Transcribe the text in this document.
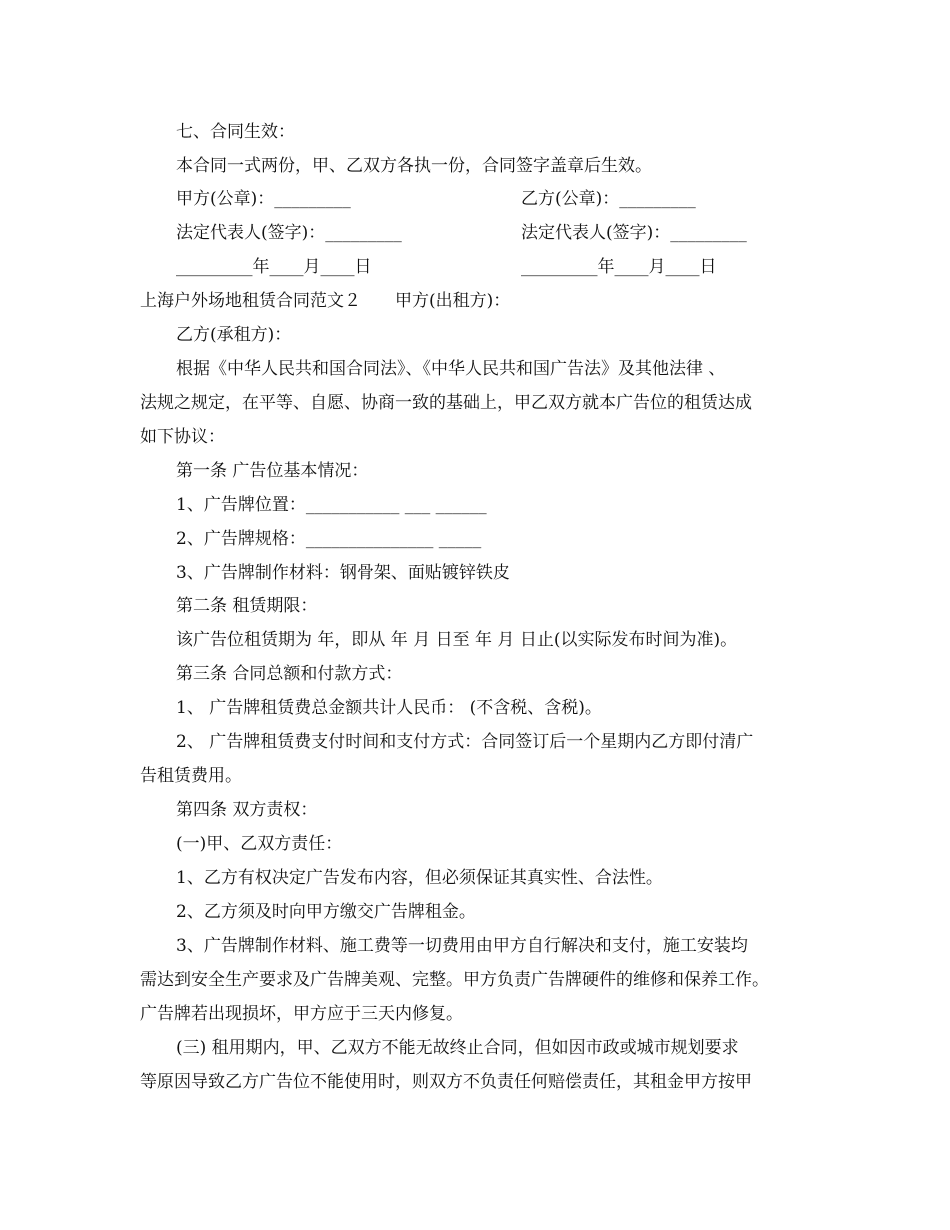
七、合同生效：
本合同一式两份，甲、乙双方各执一份，合同签字盖章后生效。
甲方(公章)：_________	乙方(公章)：_________
法定代表人(签字)：_________	法定代表人(签字)：_________
_________年____月____日	_________年____月____日
上海户外场地租赁合同范文２　　甲方(出租方)：
乙方(承租方)：
根据《中华人民共和国合同法》、《中华人民共和国广告法》及其他法律 、
法规之规定，在平等、自愿、协商一致的基础上，甲乙双方就本广告位的租赁达成
如下协议：
第一条 广告位基本情况：
1、广告牌位置：___________ ___ ______
2、广告牌规格：_______________ _____
3、广告牌制作材料：钢骨架、面贴镀锌铁皮
第二条 租赁期限：
该广告位租赁期为 年，即从 年 月 日至 年 月 日止(以实际发布时间为准)。
第三条 合同总额和付款方式：
1、 广告牌租赁费总金额共计人民币： (不含税、含税)。
2、 广告牌租赁费支付时间和支付方式：合同签订后一个星期内乙方即付清广
告租赁费用。
第四条 双方责权：
(一)甲、乙双方责任：
1、乙方有权决定广告发布内容，但必须保证其真实性、合法性。
2、乙方须及时向甲方缴交广告牌租金。
3、广告牌制作材料、施工费等一切费用由甲方自行解决和支付，施工安装均
需达到安全生产要求及广告牌美观、完整。甲方负责广告牌硬件的维修和保养工作。
广告牌若出现损坏，甲方应于三天内修复。
(三) 租用期内，甲、乙双方不能无故终止合同，但如因市政或城市规划要求
等原因导致乙方广告位不能使用时，则双方不负责任何赔偿责任，其租金甲方按甲
